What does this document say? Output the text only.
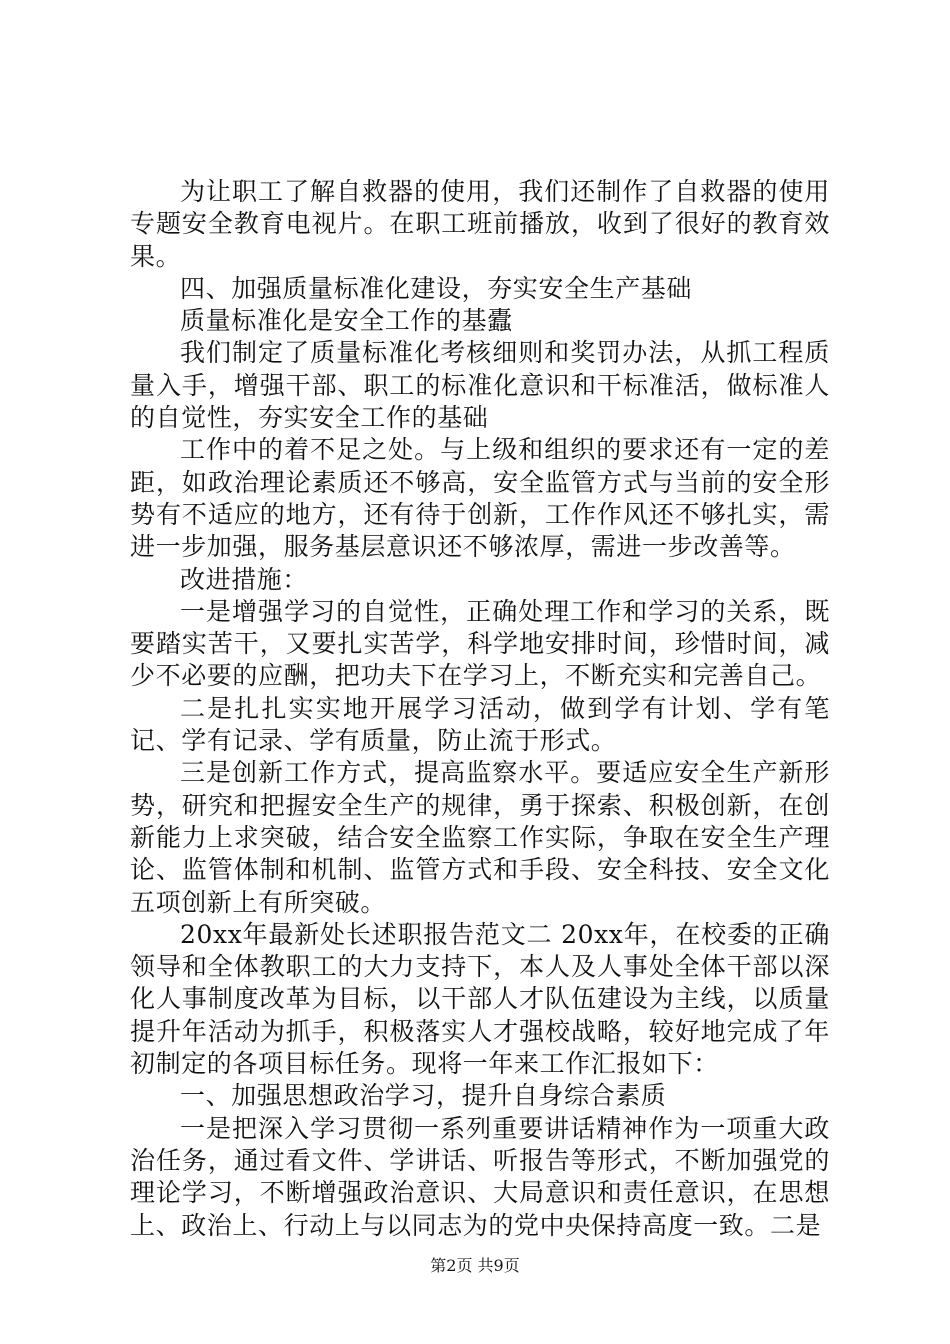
为让职工了解自救器的使用，我们还制作了自救器的使用专题安全教育电视片。在职工班前播放，收到了很好的教育效果。

四、加强质量标准化建设，夯实安全生产基础

质量标准化是安全工作的基蠹

我们制定了质量标准化考核细则和奖罚办法，从抓工程质量入手，增强干部、职工的标准化意识和干标准活，做标准人的自觉性，夯实安全工作的基础

工作中的着不足之处。与上级和组织的要求还有一定的差距，如政治理论素质还不够高，安全监管方式与当前的安全形势有不适应的地方，还有待于创新，工作作风还不够扎实，需进一步加强，服务基层意识还不够浓厚，需进一步改善等。

改进措施：

一是增强学习的自觉性，正确处理工作和学习的关系，既要踏实苦干，又要扎实苦学，科学地安排时间，珍惜时间，减少不必要的应酬，把功夫下在学习上，不断充实和完善自己。

二是扎扎实实地开展学习活动，做到学有计划、学有笔记、学有记录、学有质量，防止流于形式。

三是创新工作方式，提高监察水平。要适应安全生产新形势，研究和把握安全生产的规律，勇于探索、积极创新，在创新能力上求突破，结合安全监察工作实际，争取在安全生产理论、监管体制和机制、监管方式和手段、安全科技、安全文化五项创新上有所突破。

20xx年最新处长述职报告范文二 20xx年，在校委的正确领导和全体教职工的大力支持下，本人及人事处全体干部以深化人事制度改革为目标，以干部人才队伍建设为主线，以质量提升年活动为抓手，积极落实人才强校战略，较好地完成了年初制定的各项目标任务。现将一年来工作汇报如下：

一、加强思想政治学习，提升自身综合素质

一是把深入学习贯彻一系列重要讲话精神作为一项重大政治任务，通过看文件、学讲话、听报告等形式，不断加强党的理论学习，不断增强政治意识、大局意识和责任意识，在思想上、政治上、行动上与以同志为的党中央保持高度一致。二是

第2页 共9页
